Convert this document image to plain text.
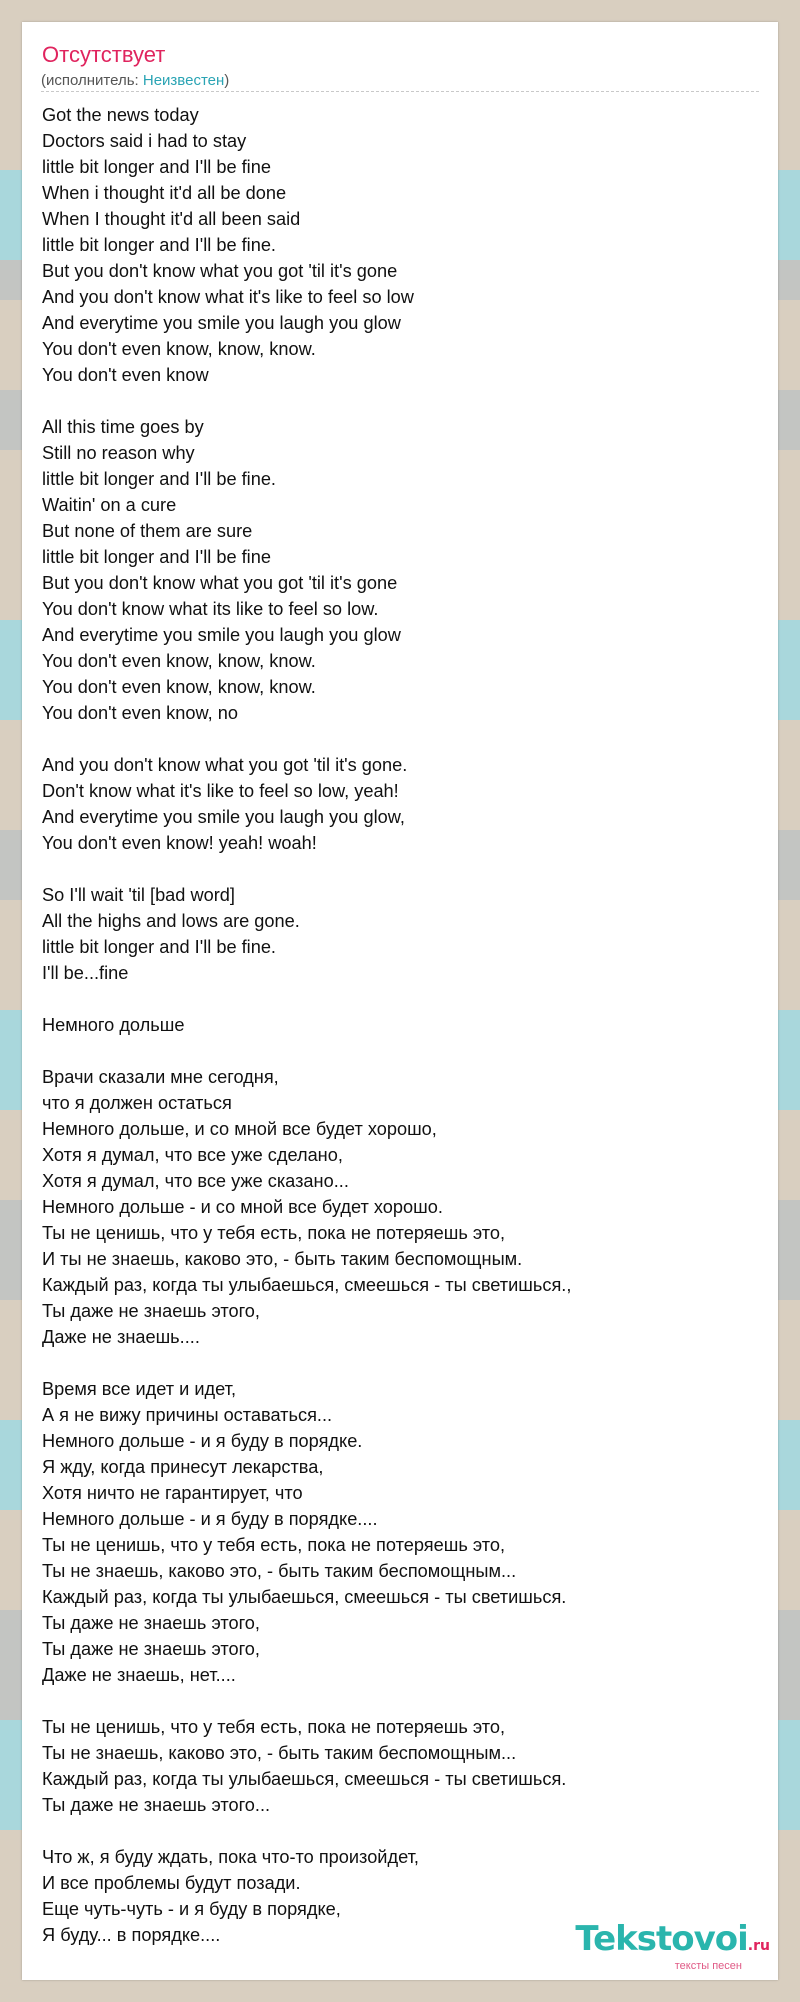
Отсутствует
(исполнитель: Неизвестен)
Got the news today
Doctors said i had to stay
little bit longer and I'll be fine
When i thought it'd all be done
When I thought it'd all been said
little bit longer and I'll be fine.
But you don't know what you got 'til it's gone
And you don't know what it's like to feel so low
And everytime you smile you laugh you glow
You don't even know, know, know.
You don't even know
All this time goes by
Still no reason why
little bit longer and I'll be fine.
Waitin' on a cure
But none of them are sure
little bit longer and I'll be fine
But you don't know what you got 'til it's gone
You don't know what its like to feel so low.
And everytime you smile you laugh you glow
You don't even know, know, know.
You don't even know, know, know.
You don't even know, no
And you don't know what you got 'til it's gone.
Don't know what it's like to feel so low, yeah!
And everytime you smile you laugh you glow,
You don't even know! yeah! woah!
So I'll wait 'til [bad word]
All the highs and lows are gone.
little bit longer and I'll be fine.
I'll be...fine
Немного дольше
Врачи сказали мне сегодня,
что я должен остаться
Немного дольше, и со мной все будет хорошо,
Хотя я думал, что все уже сделано,
Хотя я думал, что все уже сказано...
Немного дольше - и со мной все будет хорошо.
Ты не ценишь, что у тебя есть, пока не потеряешь это,
И ты не знаешь, каково это, - быть таким беспомощным.
Каждый раз, когда ты улыбаешься, смеешься - ты светишься.,
Ты даже не знаешь этого,
Даже не знаешь....
Время все идет и идет,
А я не вижу причины оставаться...
Немного дольше - и я буду в порядке.
Я жду, когда принесут лекарства,
Хотя ничто не гарантирует, что
Немного дольше - и я буду в порядке....
Ты не ценишь, что у тебя есть, пока не потеряешь это,
Ты не знаешь, каково это, - быть таким беспомощным...
Каждый раз, когда ты улыбаешься, смеешься - ты светишься.
Ты даже не знаешь этого,
Ты даже не знаешь этого,
Даже не знаешь, нет....
Ты не ценишь, что у тебя есть, пока не потеряешь это,
Ты не знаешь, каково это, - быть таким беспомощным...
Каждый раз, когда ты улыбаешься, смеешься - ты светишься.
Ты даже не знаешь этого...
Что ж, я буду ждать, пока что-то произойдет,
И все проблемы будут позади.
Еще чуть-чуть - и я буду в порядке,
Я буду... в порядке....	Tekstovoi.ru
тексты песен
